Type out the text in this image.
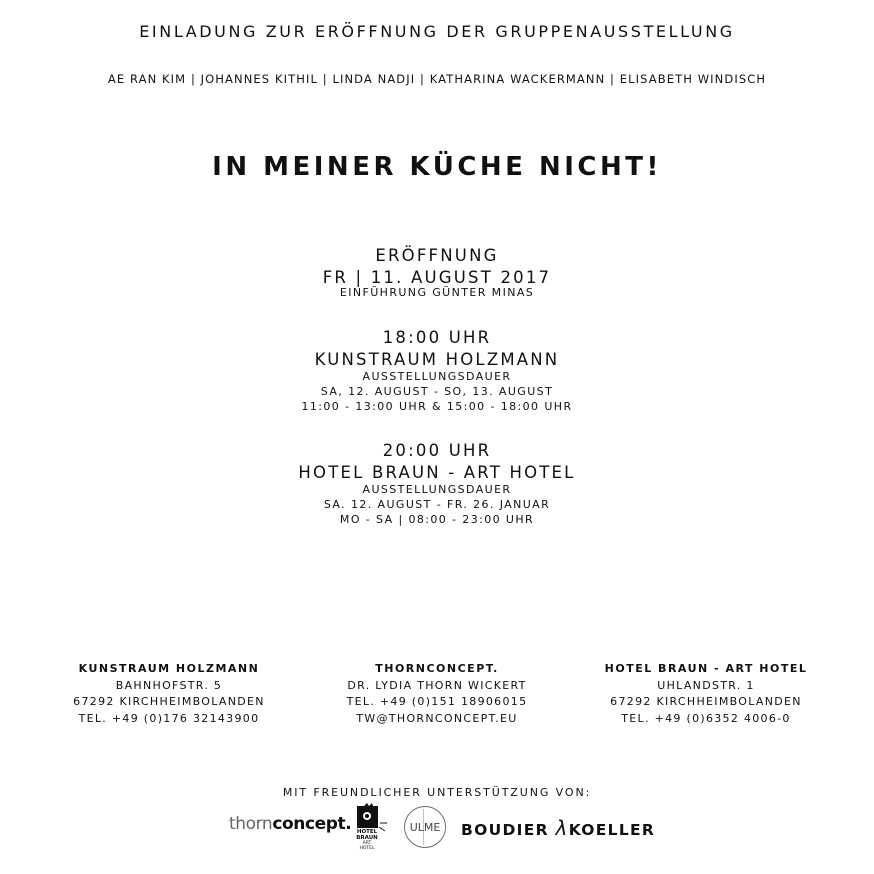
EINLADUNG ZUR ERÖFFNUNG DER GRUPPENAUSSTELLUNG
AE RAN KIM | JOHANNES KITHIL | LINDA NADJI | KATHARINA WACKERMANN | ELISABETH WINDISCH
IN MEINER KÜCHE NICHT!
ERÖFFNUNG
FR | 11. AUGUST 2017
EINFÜHRUNG GÜNTER MINAS
18:00 UHR
KUNSTRAUM HOLZMANN
AUSSTELLUNGSDAUER
SA, 12. AUGUST - SO, 13. AUGUST
11:00 - 13:00 UHR & 15:00 - 18:00 UHR
20:00 UHR
HOTEL BRAUN - ART HOTEL
AUSSTELLUNGSDAUER
SA. 12. AUGUST - FR. 26. JANUAR
MO - SA | 08:00 - 23:00 UHR
KUNSTRAUM HOLZMANN
BAHNHOFSTR. 5
67292 KIRCHHEIMBOLANDEN
TEL. +49 (0)176 32143900
THORNCONCEPT.
DR. LYDIA THORN WICKERT
TEL. +49 (0)151 18906015
TW@THORNCONCEPT.EU
HOTEL BRAUN - ART HOTEL
UHLANDSTR. 1
67292 KIRCHHEIMBOLANDEN
TEL. +49 (0)6352 4006-0
MIT FREUNDLICHER UNTERSTÜTZUNG VON:
thornconcept. HOTEL
BRAUN
ART
HOTEL
ULME BOUDIER λKOELLER
